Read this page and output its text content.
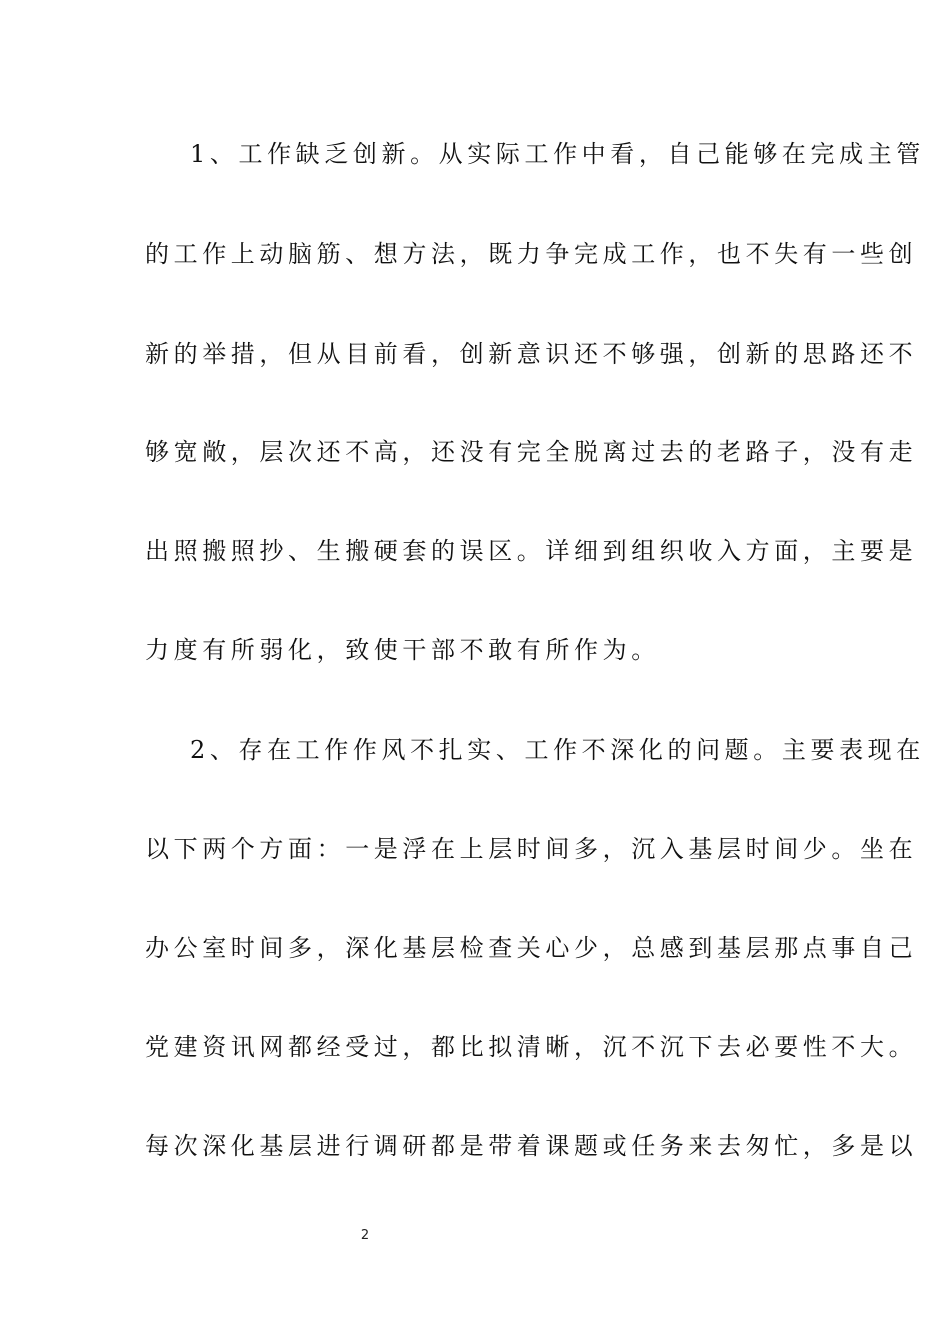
1、工作缺乏创新。从实际工作中看，自己能够在完成主管
的工作上动脑筋、想方法，既力争完成工作，也不失有一些创
新的举措，但从目前看，创新意识还不够强，创新的思路还不
够宽敞，层次还不高，还没有完全脱离过去的老路子，没有走
出照搬照抄、生搬硬套的误区。详细到组织收入方面，主要是
力度有所弱化，致使干部不敢有所作为。
2、存在工作作风不扎实、工作不深化的问题。主要表现在
以下两个方面：一是浮在上层时间多，沉入基层时间少。坐在
办公室时间多，深化基层检查关心少，总感到基层那点事自己
党建资讯网都经受过，都比拟清晰，沉不沉下去必要性不大。
每次深化基层进行调研都是带着课题或任务来去匆忙，多是以
2
